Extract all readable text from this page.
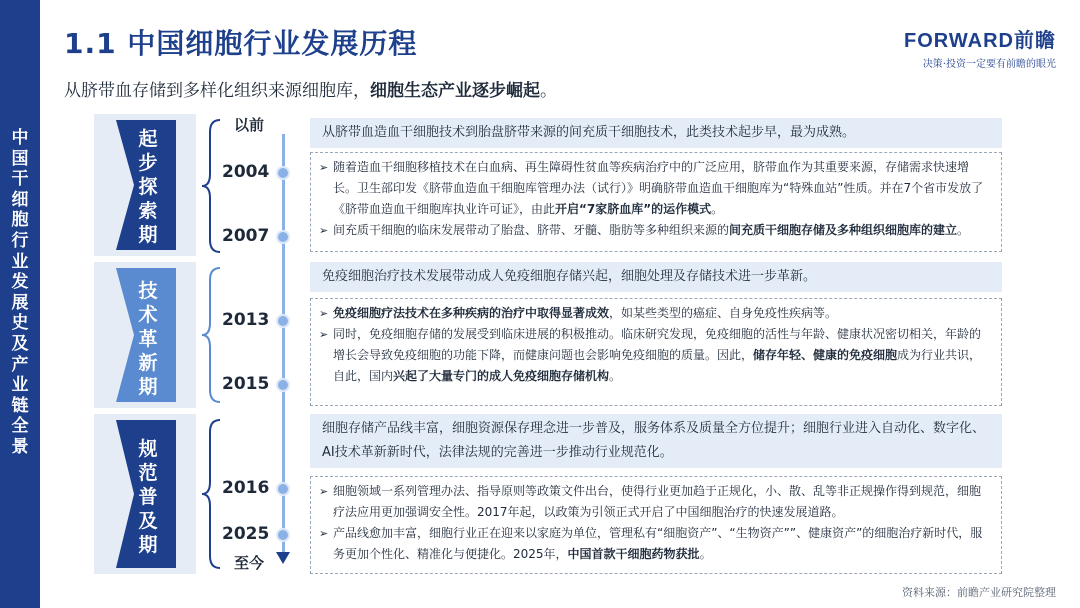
中
国
干
细
胞
行
业
发
展
史
及
产
业
链
全
景
1.1 中国细胞行业发展历程	FORWARD前瞻
决策·投资一定要有前瞻的眼光
从脐带血存储到多样化组织来源细胞库，细胞生态产业逐步崛起。
起
步
探
索
期
技
术
革
新
期
规
范
普
及
期
以前
2004
2007
2013
2015
2016
2025
至今
从脐带血造血干细胞技术到胎盘脐带来源的间充质干细胞技术，此类技术起步早，最为成熟。
➢ 随着造血干细胞移植技术在白血病、再生障碍性贫血等疾病治疗中的广泛应用，脐带血作为其重要来源，存储需求快速增长。卫生部印发《脐带血造血干细胞库管理办法（试行）》明确脐带血造血干细胞库为“特殊血站”性质。并在7个省市发放了《脐带血造血干细胞库执业许可证》，由此开启“7家脐血库”的运作模式。
➢ 间充质干细胞的临床发展带动了胎盘、脐带、牙髓、脂肪等多种组织来源的间充质干细胞存储及多种组织细胞库的建立。
免疫细胞治疗技术发展带动成人免疫细胞存储兴起，细胞处理及存储技术进一步革新。
➢ 免疫细胞疗法技术在多种疾病的治疗中取得显著成效，如某些类型的癌症、自身免疫性疾病等。
➢ 同时，免疫细胞存储的发展受到临床进展的积极推动。临床研究发现，免疫细胞的活性与年龄、健康状况密切相关，年龄的增长会导致免疫细胞的功能下降，而健康问题也会影响免疫细胞的质量。因此，储存年轻、健康的免疫细胞成为行业共识，自此，国内兴起了大量专门的成人免疫细胞存储机构。
细胞存储产品线丰富，细胞资源保存理念进一步普及，服务体系及质量全方位提升；细胞行业进入自动化、数字化、AI技术革新新时代，法律法规的完善进一步推动行业规范化。
➢ 细胞领域一系列管理办法、指导原则等政策文件出台，使得行业更加趋于正规化，小、散、乱等非正规操作得到规范，细胞疗法应用更加强调安全性。2017年起，以政策为引领正式开启了中国细胞治疗的快速发展道路。
➢ 产品线愈加丰富，细胞行业正在迎来以家庭为单位，管理私有“细胞资产”、“生物资产””、健康资产”的细胞治疗新时代，服务更加个性化、精准化与便捷化。2025年，中国首款干细胞药物获批。
资料来源：前瞻产业研究院整理
